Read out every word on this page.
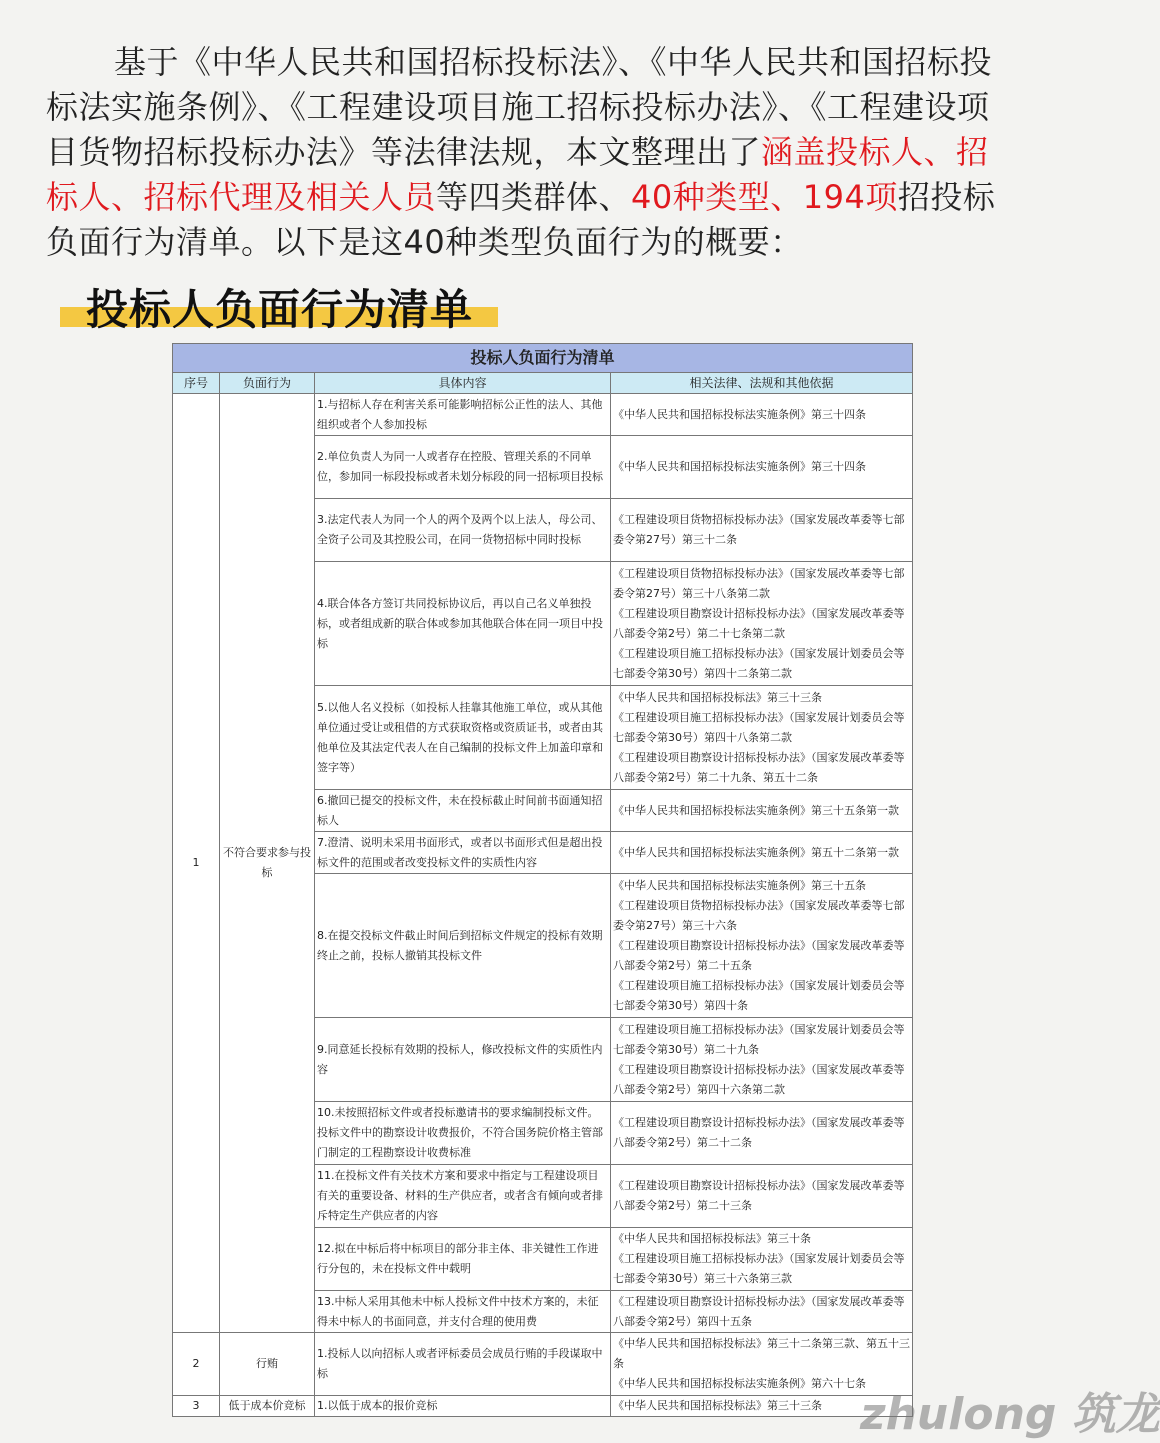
基于《中华人民共和国招标投标法》、《中华人民共和国招标投标法实施条例》、《工程建设项目施工招标投标办法》、《工程建设项目货物招标投标办法》等法律法规，本文整理出了涵盖投标人、招标人、招标代理及相关人员等四类群体、40种类型、194项招投标负面行为清单。以下是这40种类型负面行为的概要：

投标人负面行为清单
投标人负面行为清单			
序号	负面行为	具体内容	相关法律、法规和其他依据
1	不符合要求参与投标	1.与招标人存在利害关系可能影响招标公正性的法人、其他组织或者个人参加投标	《中华人民共和国招标投标法实施条例》第三十四条
		2.单位负责人为同一人或者存在控股、管理关系的不同单位，参加同一标段投标或者未划分标段的同一招标项目投标	《中华人民共和国招标投标法实施条例》第三十四条
		3.法定代表人为同一个人的两个及两个以上法人，母公司、全资子公司及其控股公司，在同一货物招标中同时投标	《工程建设项目货物招标投标办法》（国家发展改革委等七部委令第27号）第三十二条
		4.联合体各方签订共同投标协议后，再以自己名义单独投标，或者组成新的联合体或参加其他联合体在同一项目中投标	《工程建设项目货物招标投标办法》（国家发展改革委等七部委令第27号）第三十八条第二款
《工程建设项目勘察设计招标投标办法》（国家发展改革委等八部委令第2号）第二十七条第二款
《工程建设项目施工招标投标办法》（国家发展计划委员会等七部委令第30号）第四十二条第二款
		5.以他人名义投标（如投标人挂靠其他施工单位，或从其他单位通过受让或租借的方式获取资格或资质证书，或者由其他单位及其法定代表人在自己编制的投标文件上加盖印章和签字等）	《中华人民共和国招标投标法》第三十三条
《工程建设项目施工招标投标办法》（国家发展计划委员会等七部委令第30号）第四十八条第二款
《工程建设项目勘察设计招标投标办法》（国家发展改革委等八部委令第2号）第二十九条、第五十二条
		6.撤回已提交的投标文件，未在投标截止时间前书面通知招标人	《中华人民共和国招标投标法实施条例》第三十五条第一款
		7.澄清、说明未采用书面形式，或者以书面形式但是超出投标文件的范围或者改变投标文件的实质性内容	《中华人民共和国招标投标法实施条例》第五十二条第一款
		8.在提交投标文件截止时间后到招标文件规定的投标有效期终止之前，投标人撤销其投标文件	《中华人民共和国招标投标法实施条例》第三十五条
《工程建设项目货物招标投标办法》（国家发展改革委等七部委令第27号）第三十六条
《工程建设项目勘察设计招标投标办法》（国家发展改革委等八部委令第2号）第二十五条
《工程建设项目施工招标投标办法》（国家发展计划委员会等七部委令第30号）第四十条
		9.同意延长投标有效期的投标人，修改投标文件的实质性内容	《工程建设项目施工招标投标办法》（国家发展计划委员会等七部委令第30号）第二十九条
《工程建设项目勘察设计招标投标办法》（国家发展改革委等八部委令第2号）第四十六条第二款
		10.未按照招标文件或者投标邀请书的要求编制投标文件。投标文件中的勘察设计收费报价，不符合国务院价格主管部门制定的工程勘察设计收费标准	《工程建设项目勘察设计招标投标办法》（国家发展改革委等八部委令第2号）第二十二条
		11.在投标文件有关技术方案和要求中指定与工程建设项目有关的重要设备、材料的生产供应者，或者含有倾向或者排斥特定生产供应者的内容	《工程建设项目勘察设计招标投标办法》（国家发展改革委等八部委令第2号）第二十三条
		12.拟在中标后将中标项目的部分非主体、非关键性工作进行分包的，未在投标文件中载明	《中华人民共和国招标投标法》第三十条
《工程建设项目施工招标投标办法》（国家发展计划委员会等七部委令第30号）第三十六条第三款
		13.中标人采用其他未中标人投标文件中技术方案的，未征得未中标人的书面同意，并支付合理的使用费	《工程建设项目勘察设计招标投标办法》（国家发展改革委等八部委令第2号）第四十五条
2	行贿	1.投标人以向招标人或者评标委员会成员行贿的手段谋取中标	《中华人民共和国招标投标法》第三十二条第三款、第五十三条
《中华人民共和国招标投标法实施条例》第六十七条
3	低于成本价竞标	1.以低于成本的报价竞标	《中华人民共和国招标投标法》第三十三条 zhulong 筑龙
